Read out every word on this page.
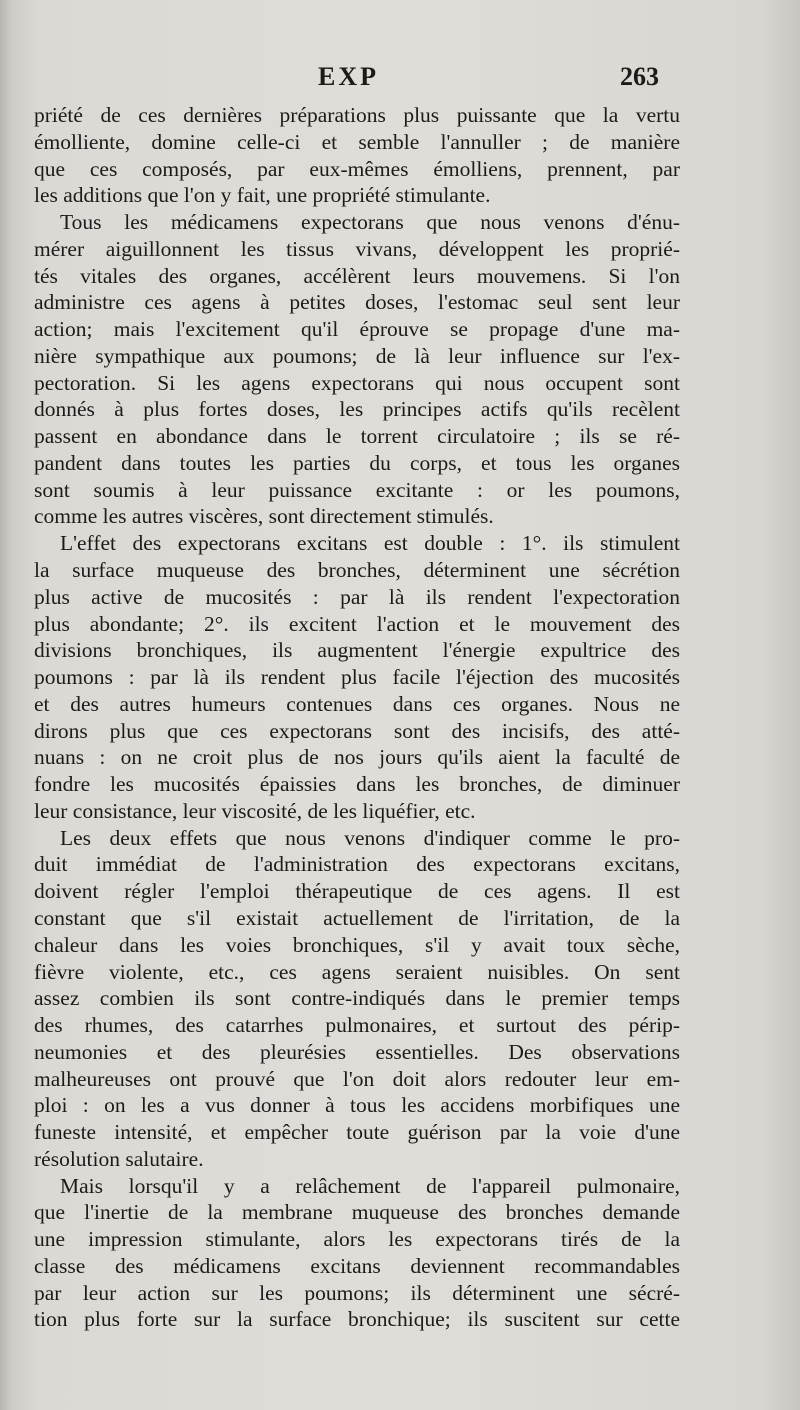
EXP	263
priété de ces dernières préparations plus puissante que la vertu
émolliente, domine celle-ci et semble l'annuller ; de manière
que ces composés, par eux-mêmes émolliens, prennent, par
les additions que l'on y fait, une propriété stimulante.
Tous les médicamens expectorans que nous venons d'énu-
mérer aiguillonnent les tissus vivans, développent les proprié-
tés vitales des organes, accélèrent leurs mouvemens. Si l'on
administre ces agens à petites doses, l'estomac seul sent leur
action; mais l'excitement qu'il éprouve se propage d'une ma-
nière sympathique aux poumons; de là leur influence sur l'ex-
pectoration. Si les agens expectorans qui nous occupent sont
donnés à plus fortes doses, les principes actifs qu'ils recèlent
passent en abondance dans le torrent circulatoire ; ils se ré-
pandent dans toutes les parties du corps, et tous les organes
sont soumis à leur puissance excitante : or les poumons,
comme les autres viscères, sont directement stimulés.
L'effet des expectorans excitans est double : 1°. ils stimulent
la surface muqueuse des bronches, déterminent une sécrétion
plus active de mucosités : par là ils rendent l'expectoration
plus abondante; 2°. ils excitent l'action et le mouvement des
divisions bronchiques, ils augmentent l'énergie expultrice des
poumons : par là ils rendent plus facile l'éjection des mucosités
et des autres humeurs contenues dans ces organes. Nous ne
dirons plus que ces expectorans sont des incisifs, des atté-
nuans : on ne croit plus de nos jours qu'ils aient la faculté de
fondre les mucosités épaissies dans les bronches, de diminuer
leur consistance, leur viscosité, de les liquéfier, etc.
Les deux effets que nous venons d'indiquer comme le pro-
duit immédiat de l'administration des expectorans excitans,
doivent régler l'emploi thérapeutique de ces agens. Il est
constant que s'il existait actuellement de l'irritation, de la
chaleur dans les voies bronchiques, s'il y avait toux sèche,
fièvre violente, etc., ces agens seraient nuisibles. On sent
assez combien ils sont contre-indiqués dans le premier temps
des rhumes, des catarrhes pulmonaires, et surtout des périp-
neumonies et des pleurésies essentielles. Des observations
malheureuses ont prouvé que l'on doit alors redouter leur em-
ploi : on les a vus donner à tous les accidens morbifiques une
funeste intensité, et empêcher toute guérison par la voie d'une
résolution salutaire.
Mais lorsqu'il y a relâchement de l'appareil pulmonaire,
que l'inertie de la membrane muqueuse des bronches demande
une impression stimulante, alors les expectorans tirés de la
classe des médicamens excitans deviennent recommandables
par leur action sur les poumons; ils déterminent une sécré-
tion plus forte sur la surface bronchique; ils suscitent sur cette
